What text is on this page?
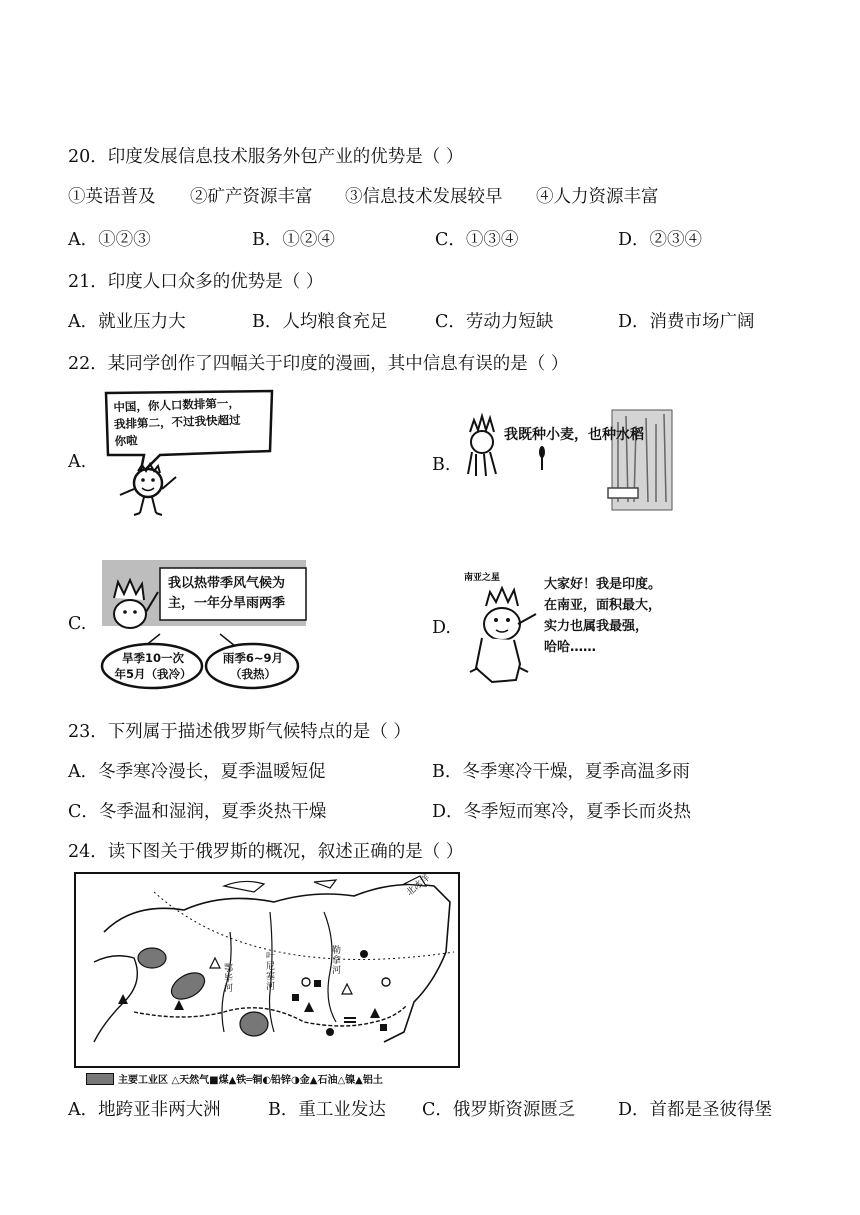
20．印度发展信息技术服务外包产业的优势是（ ）
①英语普及 ②矿产资源丰富 ③信息技术发展较早 ④人力资源丰富
A．①②③	B．①②④	C．①③④	D．②③④
21．印度人口众多的优势是（ ）
A．就业压力大	B．人均粮食充足	C．劳动力短缺	D．消费市场广阔
22．某同学创作了四幅关于印度的漫画，其中信息有误的是（ ）
A.	B.
C.	D.
中国，你人口数排第一，
我排第二，不过我快超过
你啦	我既种小麦，也种水稻
我以热带季风气候为
主，一年分旱雨两季
旱季10一次
年5月（我冷）
雨季6~9月
（我热）
南亚之星	大家好！我是印度。
在南亚，面积最大，
实力也属我最强，
哈哈……
23．下列属于描述俄罗斯气候特点的是（ ）
A．冬季寒冷漫长，夏季温暖短促	B．冬季寒冷干燥，夏季高温多雨
C．冬季温和湿润，夏季炎热干燥	D．冬季短而寒冷，夏季长而炎热
24．读下图关于俄罗斯的概况，叙述正确的是（ ）
北冰洋
叶尼塞河
勒拿河
鄂毕河
主要工业区 △天然气■煤▲铁═铜◐铅锌◑金▲石油△镍▲铝土
A．地跨亚非两大洲	B．重工业发达 C．俄罗斯资源匮乏 D．首都是圣彼得堡
